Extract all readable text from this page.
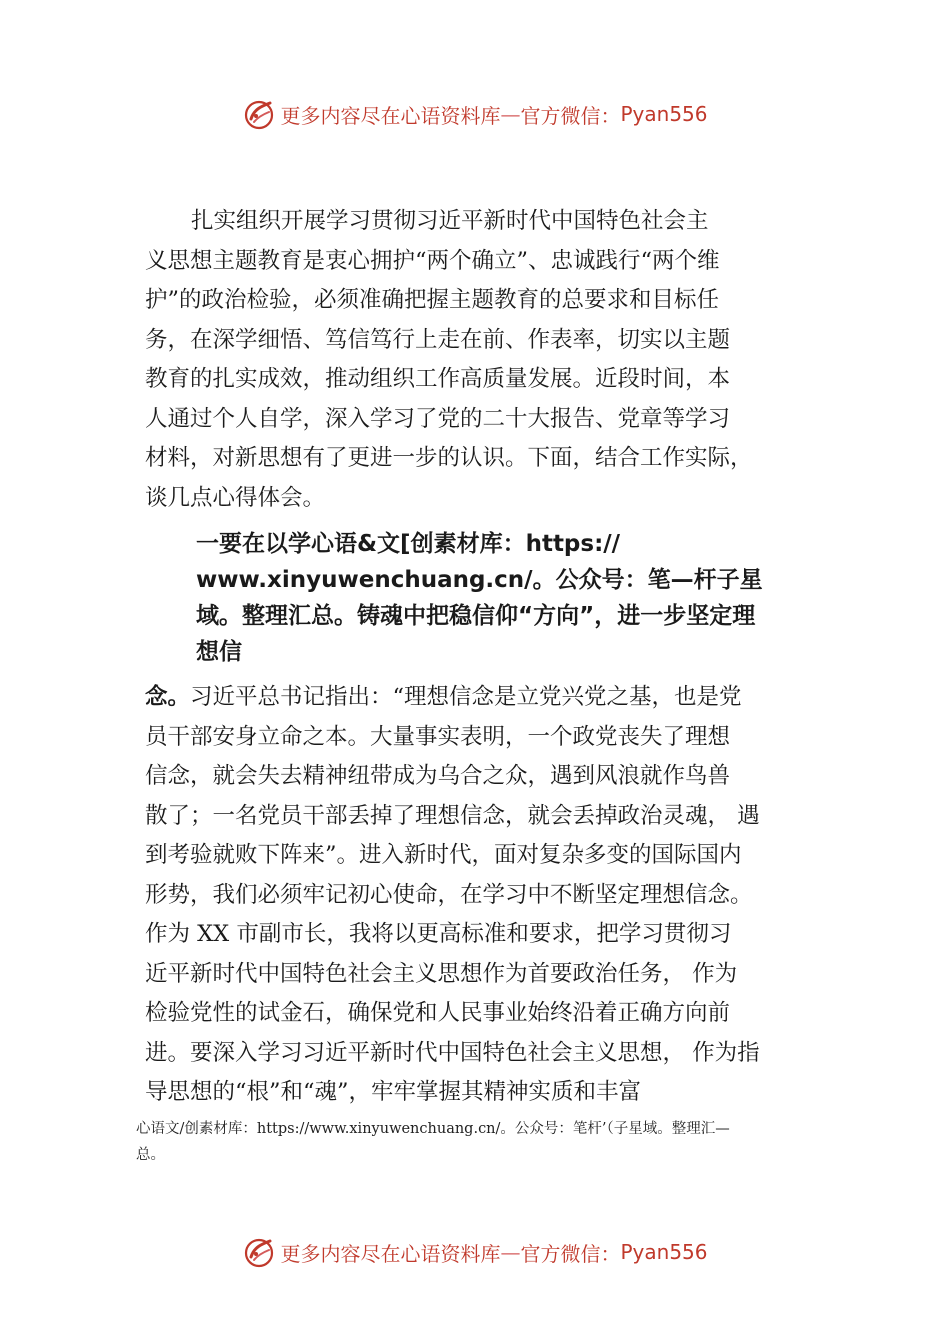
更多内容尽在心语资料库 — 官方微信： Pyan556

扎实组织开展学习贯彻习近平新时代中国特色社会主
义思想主题教育是衷心拥护“两个确立”、忠诚践行“两个维
护”的政治检验，必须准确把握主题教育的总要求和目标任
务，在深学细悟、笃信笃行上走在前、作表率，切实以主题
教育的扎实成效，推动组织工作高质量发展。近段时间，本
人通过个人自学，深入学习了党的二十大报告、党章等学习
材料，对新思想有了更进一步的认识。下面，结合工作实际，
谈几点心得体会。

一要在以学心语&文[创素材库：https://
www.xinyuwenchuang.cn/。公众号：笔—杆子星
域。整理汇总。铸魂中把稳信仰“方向”，进一步坚定理
想信

念。习近平总书记指出：“理想信念是立党兴党之基，也是党
员干部安身立命之本。大量事实表明，一个政党丧失了理想
信念，就会失去精神纽带成为乌合之众，遇到风浪就作鸟兽
散了；一名党员干部丢掉了理想信念，就会丢掉政治灵魂， 遇
到考验就败下阵来”。进入新时代，面对复杂多变的国际国内
形势，我们必须牢记初心使命，在学习中不断坚定理想信念。
作为 XX 市副市长，我将以更高标准和要求，把学习贯彻习
近平新时代中国特色社会主义思想作为首要政治任务， 作为
检验党性的试金石，确保党和人民事业始终沿着正确方向前
进。要深入学习习近平新时代中国特色社会主义思想， 作为指
导思想的“根”和“魂”，牢牢掌握其精神实质和丰富

心语文/创素材库：https://www.xinyuwenchuang.cn/。公众号：笔杆’（子星域。整理汇—
总。

更多内容尽在心语资料库 — 官方微信： Pyan556
